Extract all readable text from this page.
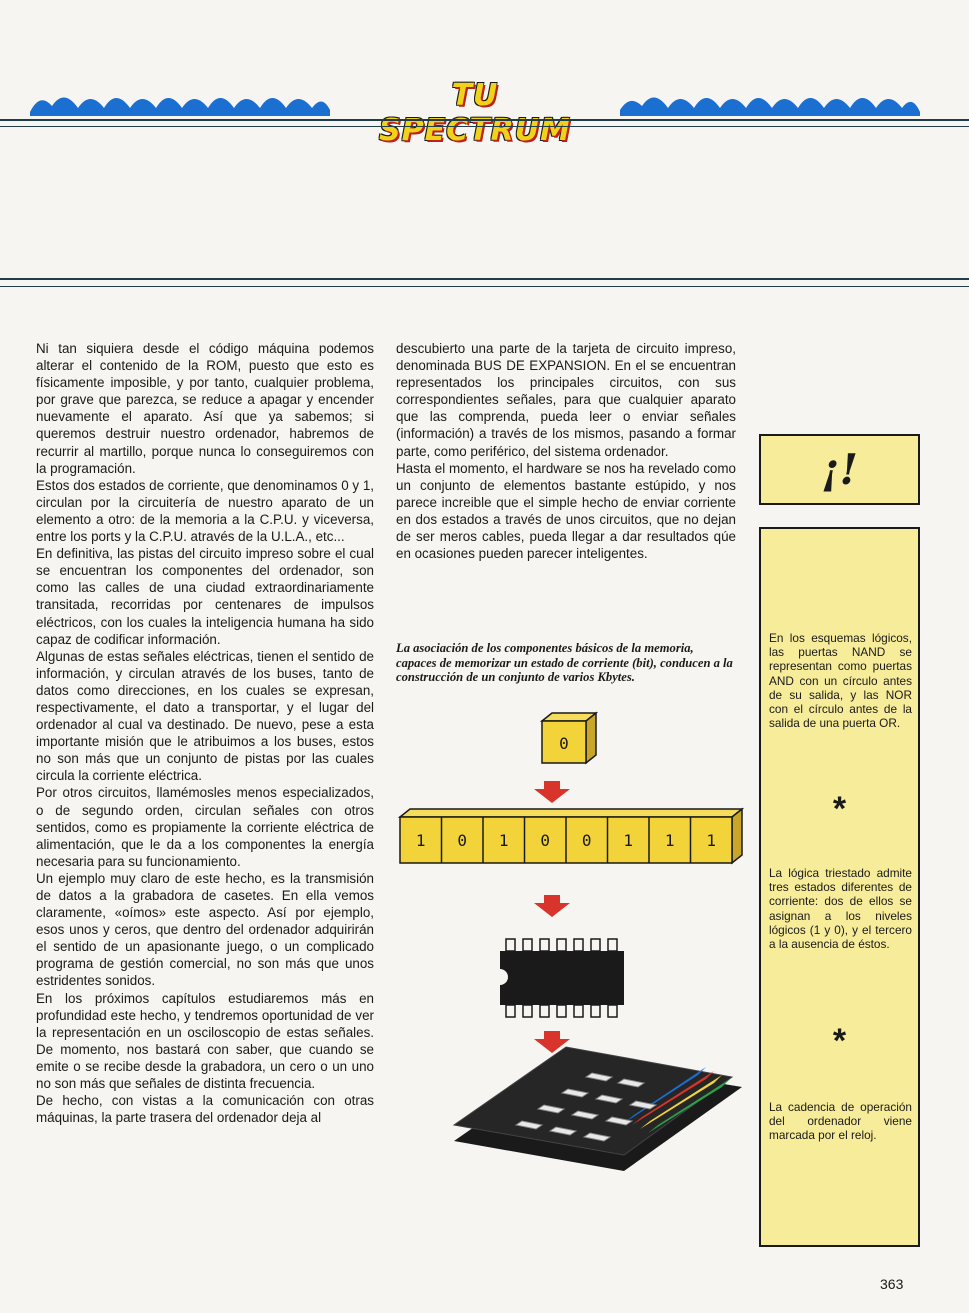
TU SPECTRUM

Ni tan siquiera desde el código máquina podemos alterar el contenido de la ROM, puesto que esto es físicamente imposible, y por tanto, cualquier problema, por grave que parezca, se reduce a apagar y encender nuevamente el aparato. Así que ya sabemos; si queremos destruir nuestro ordenador, habremos de recurrir al martillo, porque nunca lo conseguiremos con la programación.

Estos dos estados de corriente, que denominamos 0 y 1, circulan por la circuitería de nuestro aparato de un elemento a otro: de la memoria a la C.P.U. y viceversa, entre los ports y la C.P.U. através de la U.L.A., etc...

En definitiva, las pistas del circuito impreso sobre el cual se encuentran los componentes del ordenador, son como las calles de una ciudad extraordinariamente transitada, recorridas por centenares de impulsos eléctricos, con los cuales la inteligencia humana ha sido capaz de codificar información.

Algunas de estas señales eléctricas, tienen el sentido de información, y circulan através de los buses, tanto de datos como direcciones, en los cuales se expresan, respectivamente, el dato a transportar, y el lugar del ordenador al cual va destinado. De nuevo, pese a esta importante misión que le atribuimos a los buses, estos no son más que un conjunto de pistas por las cuales circula la corriente eléctrica.

Por otros circuitos, llamémosles menos especializados, o de segundo orden, circulan señales con otros sentidos, como es propiamente la corriente eléctrica de alimentación, que le da a los componentes la energía necesaria para su funcionamiento.

Un ejemplo muy claro de este hecho, es la transmisión de datos a la grabadora de casetes. En ella vemos claramente, «oímos» este aspecto. Así por ejemplo, esos unos y ceros, que dentro del ordenador adquirirán el sentido de un apasionante juego, o un complicado programa de gestión comercial, no son más que unos estridentes sonidos.

En los próximos capítulos estudiaremos más en profundidad este hecho, y tendremos oportunidad de ver la representación en un osciloscopio de estas señales. De momento, nos bastará con saber, que cuando se emite o se recibe desde la grabadora, un cero o un uno no son más que señales de distinta frecuencia.

De hecho, con vistas a la comunicación con otras máquinas, la parte trasera del ordenador deja al

descubierto una parte de la tarjeta de circuito impreso, denominada BUS DE EXPANSION. En el se encuentran representados los principales circuitos, con sus correspondientes señales, para que cualquier aparato que las comprenda, pueda leer o enviar señales (información) a través de los mismos, pasando a formar parte, como periférico, del sistema ordenador.

Hasta el momento, el hardware se nos ha revelado como un conjunto de elementos bastante estúpido, y nos parece increible que el simple hecho de enviar corriente en dos estados a través de unos circuitos, que no dejan de ser meros cables, pueda llegar a dar resultados qúe en ocasiones pueden parecer inteligentes.

La asociación de los componentes básicos de la memoria, capaces de memorizar un estado de corriente (bit), conducen a la construcción de un conjunto de varios Kbytes.
0
1 0 1 0 0 1 1 1
¡!
En los esquemas lógicos, las puertas NAND se representan como puertas AND con un círculo antes de su salida, y las NOR con el círculo antes de la salida de una puerta OR.
*
La lógica triestado admite tres estados diferentes de corriente: dos de ellos se asignan a los niveles lógicos (1 y 0), y el tercero a la ausencia de éstos.
*
La cadencia de operación del ordenador viene marcada por el reloj.
363
